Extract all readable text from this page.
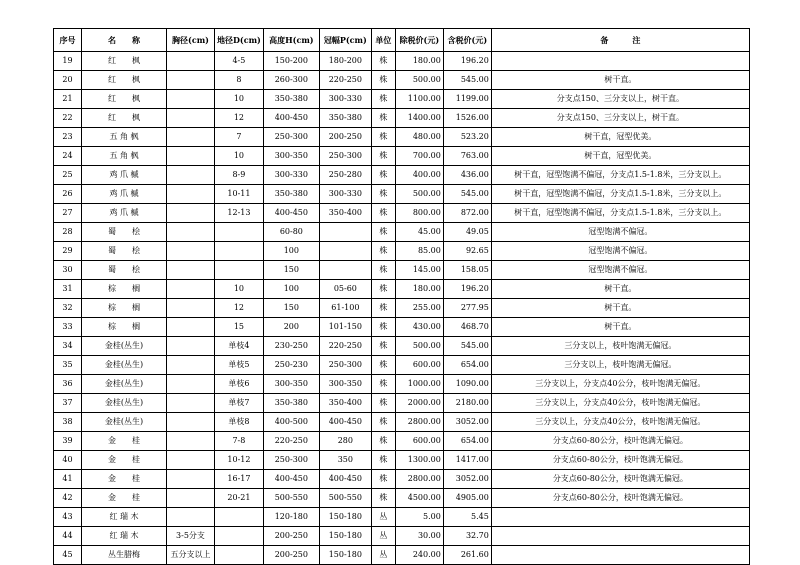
序号	名　　称	胸径(cm)	地径D(cm)	高度H(cm)	冠幅P(cm)	单位	除税价(元)	含税价(元)	备　　　注
19	红　　枫		4-5	150-200	180-200	株	180.00	196.20	
20	红　　枫		8	260-300	220-250	株	500.00	545.00	树干直。
21	红　　枫		10	350-380	300-330	株	1100.00	1199.00	分支点150、三分支以上，树干直。
22	红　　枫		12	400-450	350-380	株	1400.00	1526.00	分支点150、三分支以上，树干直。
23	五 角 枫		7	250-300	200-250	株	480.00	523.20	树干直，冠型优美。
24	五 角 枫		10	300-350	250-300	株	700.00	763.00	树干直，冠型优美。
25	鸡 爪 槭		8-9	300-330	250-280	株	400.00	436.00	树干直，冠型饱满不偏冠，分支点1.5-1.8米，三分支以上。
26	鸡 爪 槭		10-11	350-380	300-330	株	500.00	545.00	树干直，冠型饱满不偏冠，分支点1.5-1.8米，三分支以上。
27	鸡 爪 槭		12-13	400-450	350-400	株	800.00	872.00	树干直，冠型饱满不偏冠，分支点1.5-1.8米，三分支以上。
28	蜀　　桧			60-80		株	45.00	49.05	冠型饱满不偏冠。
29	蜀　　桧			100		株	85.00	92.65	冠型饱满不偏冠。
30	蜀　　桧			150		株	145.00	158.05	冠型饱满不偏冠。
31	棕　　榈		10	100	05-60	株	180.00	196.20	树干直。
32	棕　　榈		12	150	61-100	株	255.00	277.95	树干直。
33	棕　　榈		15	200	101-150	株	430.00	468.70	树干直。
34	金桂(丛生)		单枝4	230-250	220-250	株	500.00	545.00	三分支以上，枝叶饱满无偏冠。
35	金桂(丛生)		单枝5	250-230	250-300	株	600.00	654.00	三分支以上，枝叶饱满无偏冠。
36	金桂(丛生)		单枝6	300-350	300-350	株	1000.00	1090.00	三分支以上，分支点40公分，枝叶饱满无偏冠。
37	金桂(丛生)		单枝7	350-380	350-400	株	2000.00	2180.00	三分支以上，分支点40公分，枝叶饱满无偏冠。
38	金桂(丛生)		单枝8	400-500	400-450	株	2800.00	3052.00	三分支以上，分支点40公分，枝叶饱满无偏冠。
39	金　　桂		7-8	220-250	280	株	600.00	654.00	分支点60-80公分，枝叶饱满无偏冠。
40	金　　桂		10-12	250-300	350	株	1300.00	1417.00	分支点60-80公分，枝叶饱满无偏冠。
41	金　　桂		16-17	400-450	400-450	株	2800.00	3052.00	分支点60-80公分，枝叶饱满无偏冠。
42	金　　桂		20-21	500-550	500-550	株	4500.00	4905.00	分支点60-80公分，枝叶饱满无偏冠。
43	红 瑞 木			120-180	150-180	丛	5.00	5.45	
44	红 瑞 木	3-5分支		200-250	150-180	丛	30.00	32.70	
45	丛生腊梅	五分支以上		200-250	150-180	丛	240.00	261.60	
